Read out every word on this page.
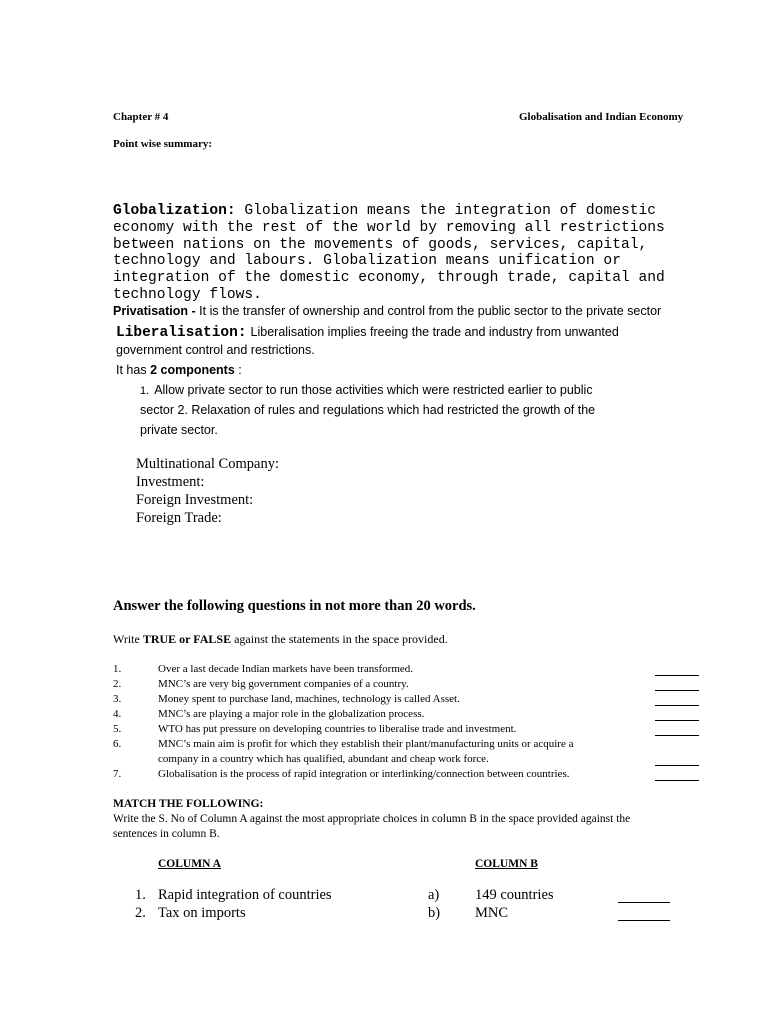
Chapter # 4	Globalisation and Indian Economy
Point wise summary:
Globalization: Globalization means the integration of domestic economy with the rest of the world by removing all restrictions between nations on the movements of goods, services, capital, technology and labours. Globalization means unification or integration of the domestic economy, through trade, capital and technology flows.
Privatisation - It is the transfer of ownership and control from the public sector to the private sector
Liberalisation: Liberalisation implies freeing the trade and industry from unwanted
government control and restrictions.
It has 2 components :
1. Allow private sector to run those activities which were restricted earlier to public
sector 2. Relaxation of rules and regulations which had restricted the growth of the
private sector.
Multinational Company:
Investment:
Foreign Investment:
Foreign Trade:
Answer the following questions in not more than 20 words.
Write TRUE or FALSE against the statements in the space provided.
1.	Over a last decade Indian markets have been transformed.
2.	MNC’s are very big government companies of a country.
3.	Money spent to purchase land, machines, technology is called Asset.
4.	MNC’s are playing a major role in the globalization process.
5.	WTO has put pressure on developing countries to liberalise trade and investment.
6.	MNC’s main aim is profit for which they establish their plant/manufacturing units or acquire a
company in a country which has qualified, abundant and cheap work force.
7.	Globalisation is the process of rapid integration or interlinking/connection between countries.
MATCH THE FOLLOWING:
Write the S. No of Column A against the most appropriate choices in column B in the space provided against the
sentences in column B.
COLUMN A	COLUMN B
1. Rapid integration of countries	a) 149 countries
2. Tax on imports	b) MNC
